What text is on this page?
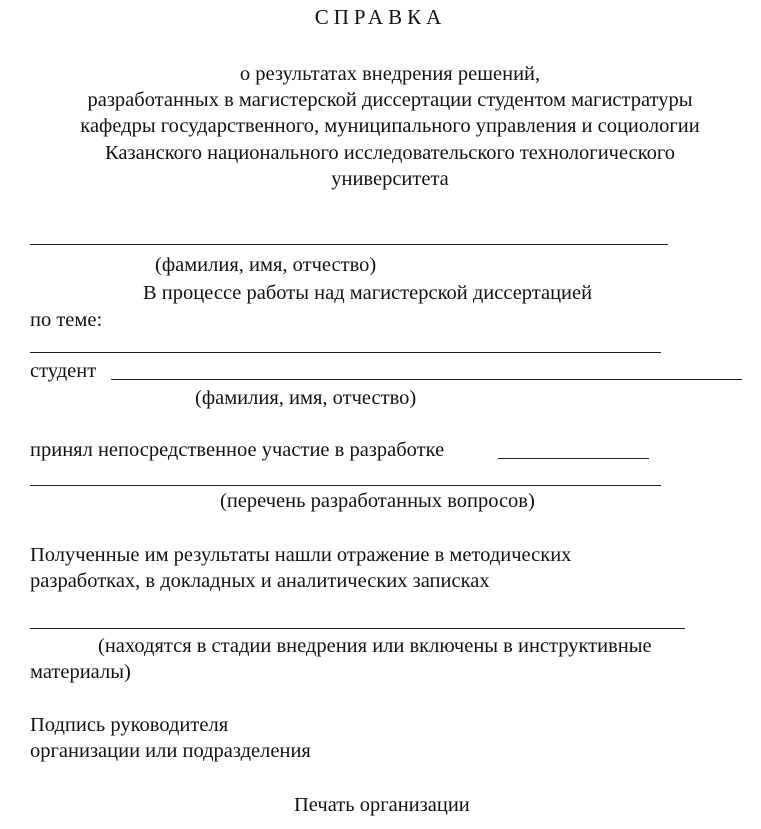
СПРАВКА
о результатах внедрения решений,
разработанных в магистерской диссертации студентом магистратуры
кафедры государственного, муниципального управления и социологии
Казанского национального исследовательского технологического
университета
(фамилия, имя, отчество)
В процессе работы над магистерской диссертацией
по теме:
студент
(фамилия, имя, отчество)
принял непосредственное участие в разработке
(перечень разработанных вопросов)
Полученные им результаты нашли отражение в методических
разработках, в докладных и аналитических записках
(находятся в стадии внедрения или включены в инструктивные
материалы)
Подпись руководителя
организации или подразделения
Печать организации
